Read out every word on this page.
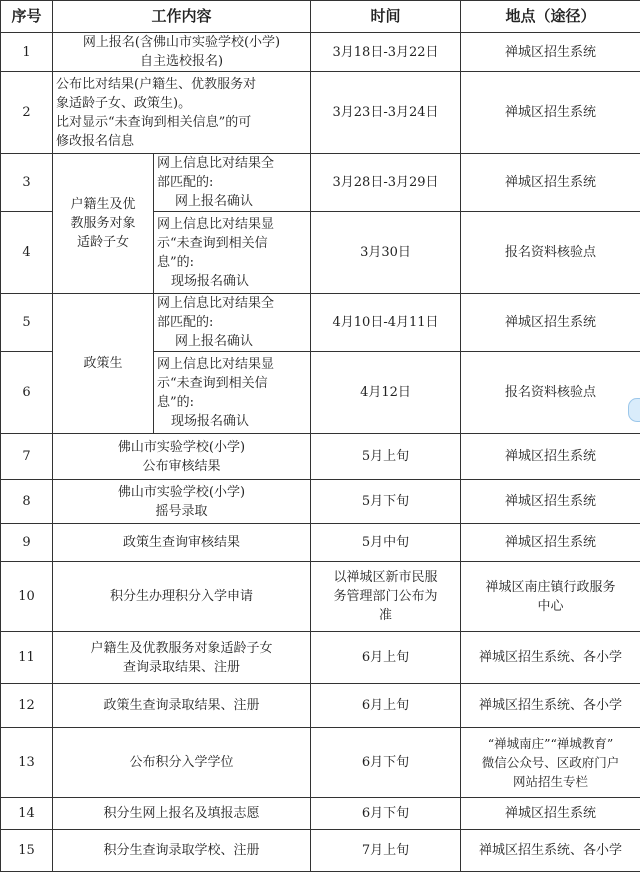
序号	工作内容		时间	地点（途径）
1	网上报名(含佛山市实验学校(小学)
自主选校报名)		3月18日-3月22日	禅城区招生系统
2	公布比对结果(户籍生、优教服务对
象适龄子女、政策生)。
比对显示“未查询到相关信息”的可
修改报名信息		3月23日-3月24日	禅城区招生系统
3	户籍生及优
教服务对象
适龄子女	网上信息比对结果全
部匹配的:
网上报名确认	3月28日-3月29日	禅城区招生系统
4		网上信息比对结果显
示“未查询到相关信
息”的:
现场报名确认	3月30日	报名资料核验点
5	政策生	网上信息比对结果全
部匹配的:
网上报名确认	4月10日-4月11日	禅城区招生系统
6		网上信息比对结果显
示“未查询到相关信
息”的:
现场报名确认	4月12日	报名资料核验点
7	佛山市实验学校(小学)
公布审核结果		5月上旬	禅城区招生系统
8	佛山市实验学校(小学)
摇号录取		5月下旬	禅城区招生系统
9	政策生查询审核结果		5月中旬	禅城区招生系统
10	积分生办理积分入学申请		以禅城区新市民服
务管理部门公布为
准	禅城区南庄镇行政服务
中心
11	户籍生及优教服务对象适龄子女
查询录取结果、注册		6月上旬	禅城区招生系统、各小学
12	政策生查询录取结果、注册		6月上旬	禅城区招生系统、各小学
13	公布积分入学学位		6月下旬	“禅城南庄”“禅城教育”
微信公众号、区政府门户
网站招生专栏
14	积分生网上报名及填报志愿		6月下旬	禅城区招生系统
15	积分生查询录取学校、注册		7月上旬	禅城区招生系统、各小学
